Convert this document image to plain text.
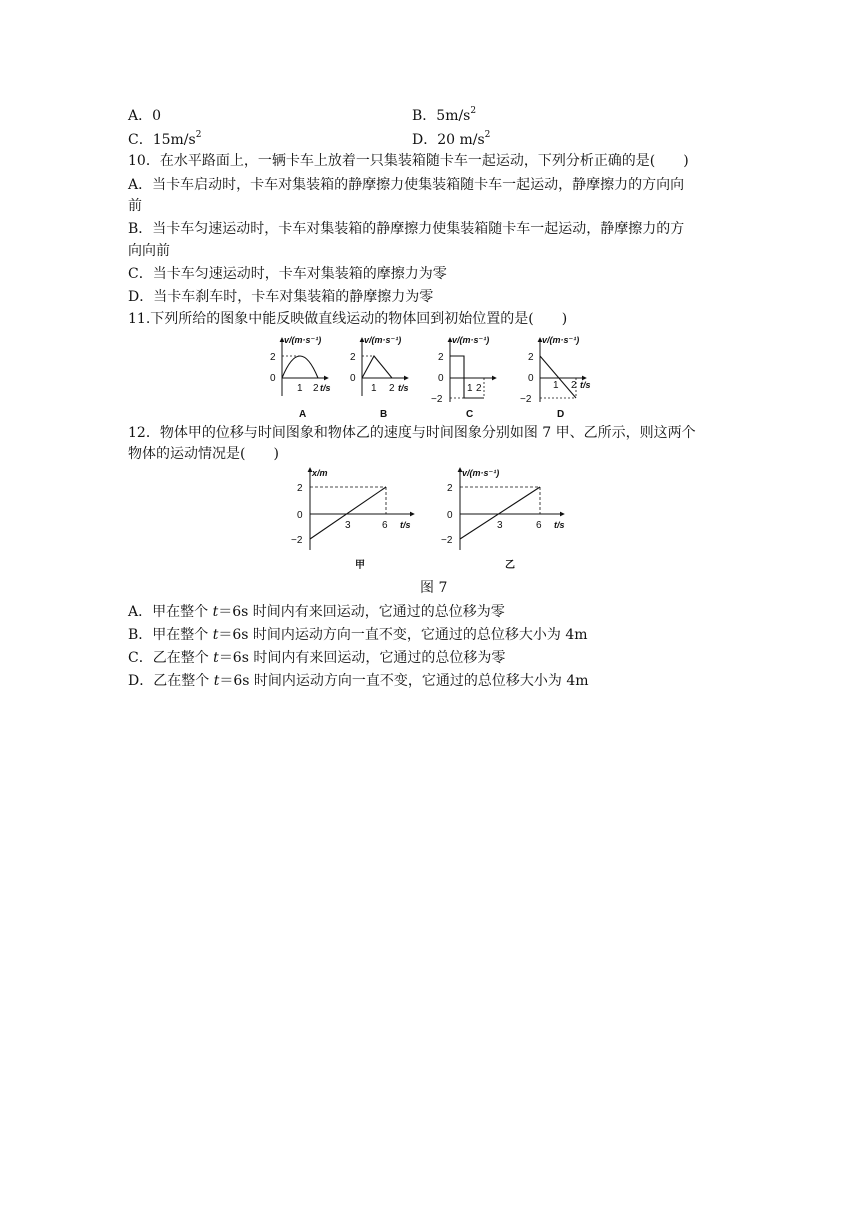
A．0	B．$5m/s^2$
C．$15m/s^2$	D．20 $m/s^2$
10．在水平路面上，一辆卡车上放着一只集装箱随卡车一起运动，下列分析正确的是(　　)
A．当卡车启动时，卡车对集装箱的静摩擦力使集装箱随卡车一起运动，静摩擦力的方向向
前
B．当卡车匀速运动时，卡车对集装箱的静摩擦力使集装箱随卡车一起运动，静摩擦力的方
向向前
C．当卡车匀速运动时，卡车对集装箱的摩擦力为零
D．当卡车刹车时，卡车对集装箱的静摩擦力为零
11.下列所给的图象中能反映做直线运动的物体回到初始位置的是(　　)
v/(m·s⁻¹)
2
0
1 2 t/s
A
v/(m·s⁻¹)
2
0
1 2 t/s
B
v/(m·s⁻¹)
2
0
−2
1 2
C
v/(m·s⁻¹)
2
0
−2
1 2 t/s
D
12．物体甲的位移与时间图象和物体乙的速度与时间图象分别如图 7 甲、乙所示，则这两个
物体的运动情况是(　　)
x/m
2
0
−2
3	6 t/s
甲
v/(m·s⁻¹)
2
0
−2
3	6 t/s
乙
图 7
A．甲在整个 t＝6s 时间内有来回运动，它通过的总位移为零
B．甲在整个 t＝6s 时间内运动方向一直不变，它通过的总位移大小为 4m
C．乙在整个 t＝6s 时间内有来回运动，它通过的总位移为零
D．乙在整个 t＝6s 时间内运动方向一直不变，它通过的总位移大小为 4m
